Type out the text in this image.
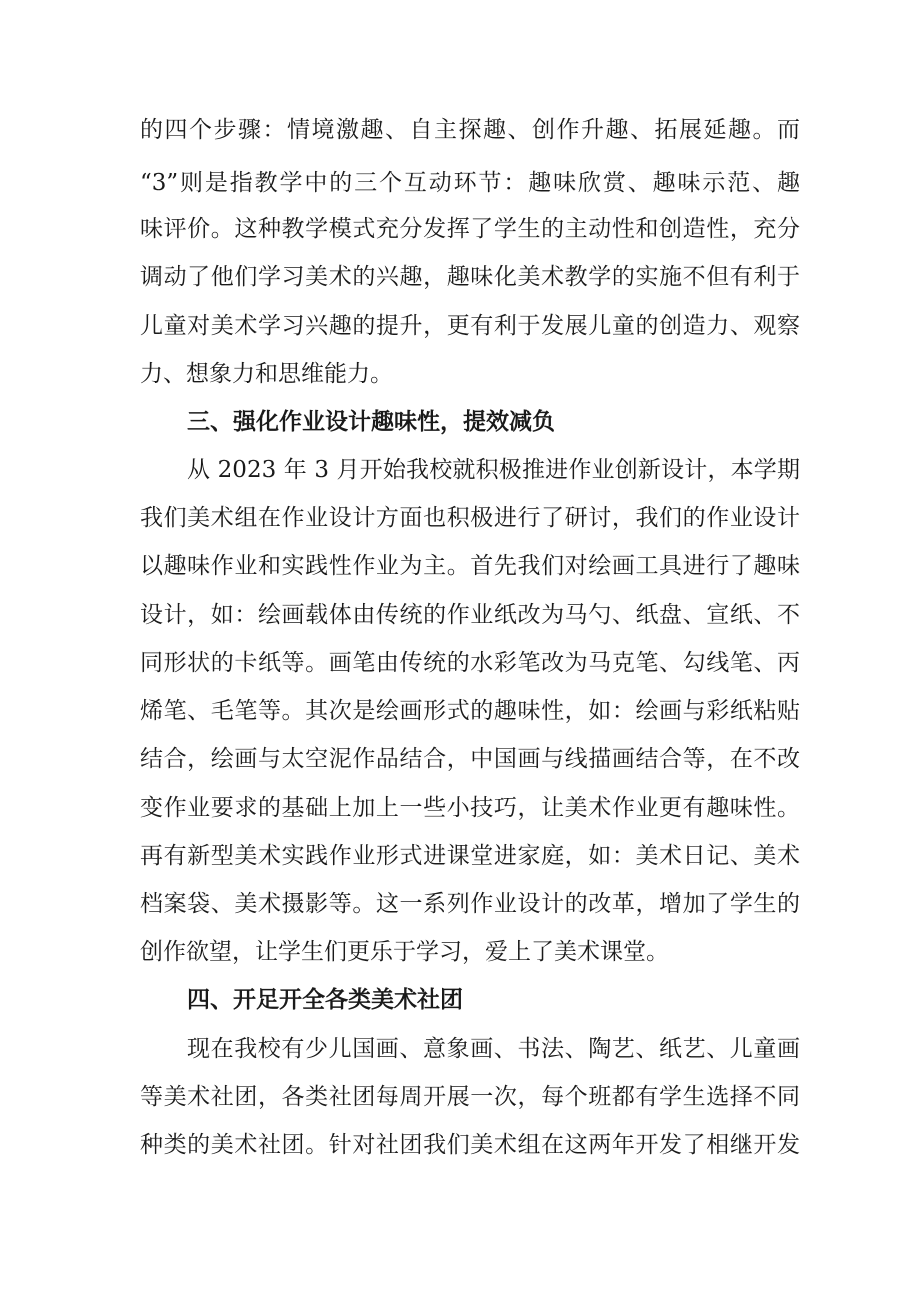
的四个步骤：情境激趣、自主探趣、创作升趣、拓展延趣。而
“3”则是指教学中的三个互动环节：趣味欣赏、趣味示范、趣
味评价。这种教学模式充分发挥了学生的主动性和创造性，充分
调动了他们学习美术的兴趣，趣味化美术教学的实施不但有利于
儿童对美术学习兴趣的提升，更有利于发展儿童的创造力、观察
力、想象力和思维能力。
三、强化作业设计趣味性，提效减负
从 2023 年 3 月开始我校就积极推进作业创新设计，本学期
我们美术组在作业设计方面也积极进行了研讨，我们的作业设计
以趣味作业和实践性作业为主。首先我们对绘画工具进行了趣味
设计，如：绘画载体由传统的作业纸改为马勺、纸盘、宣纸、不
同形状的卡纸等。画笔由传统的水彩笔改为马克笔、勾线笔、丙
烯笔、毛笔等。其次是绘画形式的趣味性，如：绘画与彩纸粘贴
结合，绘画与太空泥作品结合，中国画与线描画结合等，在不改
变作业要求的基础上加上一些小技巧，让美术作业更有趣味性。
再有新型美术实践作业形式进课堂进家庭，如：美术日记、美术
档案袋、美术摄影等。这一系列作业设计的改革，增加了学生的
创作欲望，让学生们更乐于学习，爱上了美术课堂。
四、开足开全各类美术社团
现在我校有少儿国画、意象画、书法、陶艺、纸艺、儿童画
等美术社团，各类社团每周开展一次，每个班都有学生选择不同
种类的美术社团。针对社团我们美术组在这两年开发了相继开发
